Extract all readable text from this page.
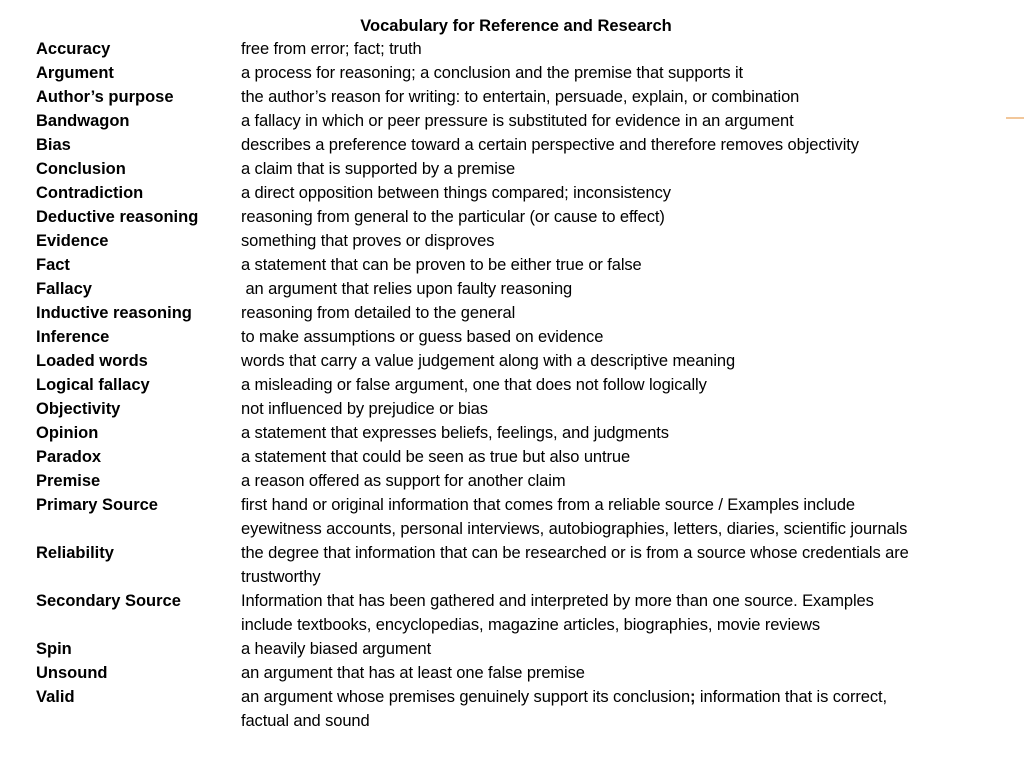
Vocabulary for Reference and Research
Accuracy	free from error; fact; truth
Argument	a process for reasoning; a conclusion and the premise that supports it
Author’s purpose	the author’s reason for writing: to entertain, persuade, explain, or combination
Bandwagon	a fallacy in which or peer pressure is substituted for evidence in an argument
Bias	describes a preference toward a certain perspective and therefore removes objectivity
Conclusion	a claim that is supported by a premise
Contradiction	a direct opposition between things compared; inconsistency
Deductive reasoning	reasoning from general to the particular (or cause to effect)
Evidence	something that proves or disproves
Fact	a statement that can be proven to be either true or false
Fallacy	an argument that relies upon faulty reasoning
Inductive reasoning	reasoning from detailed to the general
Inference	to make assumptions or guess based on evidence
Loaded words	words that carry a value judgement along with a descriptive meaning
Logical fallacy	a misleading or false argument, one that does not follow logically
Objectivity	not influenced by prejudice or bias
Opinion	a statement that expresses beliefs, feelings, and judgments
Paradox	a statement that could be seen as true but also untrue
Premise	a reason offered as support for another claim
Primary Source	first hand or original information that comes from a reliable source / Examples include
eyewitness accounts, personal interviews, autobiographies, letters, diaries, scientific journals
Reliability	the degree that information that can be researched or is from a source whose credentials are
trustworthy
Secondary Source	Information that has been gathered and interpreted by more than one source. Examples
include textbooks, encyclopedias, magazine articles, biographies, movie reviews
Spin	a heavily biased argument
Unsound	an argument that has at least one false premise
Valid	an argument whose premises genuinely support its conclusion; information that is correct,
factual and sound
